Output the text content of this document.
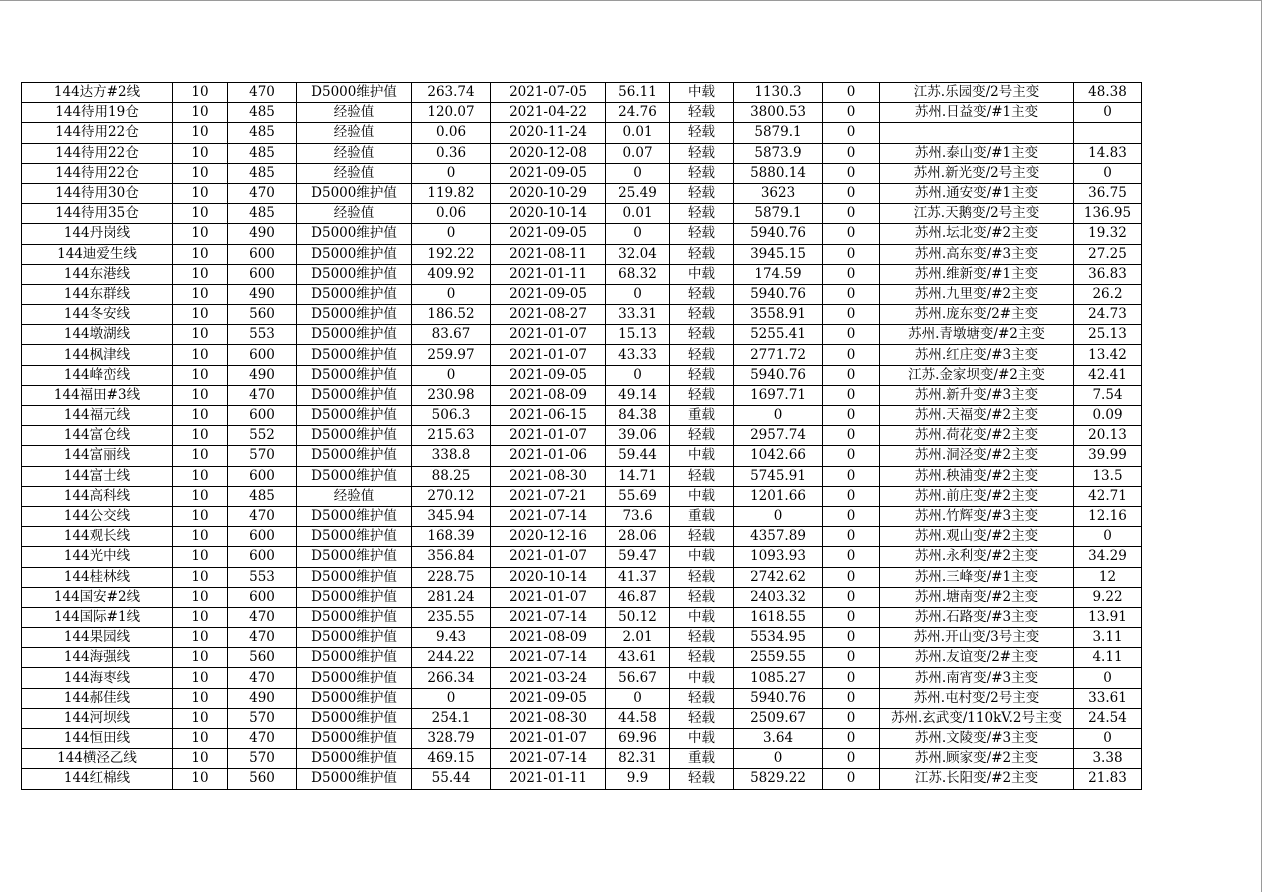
144达方#2线	10	470	D5000维护值	263.74	2021-07-05	56.11	中载	1130.3	0	江苏.乐园变/2号主变	48.38
144待用19仓	10	485	经验值	120.07	2021-04-22	24.76	轻载	3800.53	0	苏州.日益变/#1主变	0
144待用22仓	10	485	经验值	0.06	2020-11-24	0.01	轻载	5879.1	0		
144待用22仓	10	485	经验值	0.36	2020-12-08	0.07	轻载	5873.9	0	苏州.泰山变/#1主变	14.83
144待用22仓	10	485	经验值	0	2021-09-05	0	轻载	5880.14	0	苏州.新光变/2号主变	0
144待用30仓	10	470	D5000维护值	119.82	2020-10-29	25.49	轻载	3623	0	苏州.通安变/#1主变	36.75
144待用35仓	10	485	经验值	0.06	2020-10-14	0.01	轻载	5879.1	0	江苏.天鹅变/2号主变	136.95
144丹岗线	10	490	D5000维护值	0	2021-09-05	0	轻载	5940.76	0	苏州.坛北变/#2主变	19.32
144迪爱生线	10	600	D5000维护值	192.22	2021-08-11	32.04	轻载	3945.15	0	苏州.高东变/#3主变	27.25
144东港线	10	600	D5000维护值	409.92	2021-01-11	68.32	中载	174.59	0	苏州.维新变/#1主变	36.83
144东群线	10	490	D5000维护值	0	2021-09-05	0	轻载	5940.76	0	苏州.九里变/#2主变	26.2
144冬安线	10	560	D5000维护值	186.52	2021-08-27	33.31	轻载	3558.91	0	苏州.庞东变/2#主变	24.73
144墩湖线	10	553	D5000维护值	83.67	2021-01-07	15.13	轻载	5255.41	0	苏州.青墩塘变/#2主变	25.13
144枫津线	10	600	D5000维护值	259.97	2021-01-07	43.33	轻载	2771.72	0	苏州.红庄变/#3主变	13.42
144峰峦线	10	490	D5000维护值	0	2021-09-05	0	轻载	5940.76	0	江苏.金家坝变/#2主变	42.41
144福田#3线	10	470	D5000维护值	230.98	2021-08-09	49.14	轻载	1697.71	0	苏州.新升变/#3主变	7.54
144福元线	10	600	D5000维护值	506.3	2021-06-15	84.38	重载	0	0	苏州.天福变/#2主变	0.09
144富仓线	10	552	D5000维护值	215.63	2021-01-07	39.06	轻载	2957.74	0	苏州.荷花变/#2主变	20.13
144富丽线	10	570	D5000维护值	338.8	2021-01-06	59.44	中载	1042.66	0	苏州.洞泾变/#2主变	39.99
144富士线	10	600	D5000维护值	88.25	2021-08-30	14.71	轻载	5745.91	0	苏州.秧浦变/#2主变	13.5
144高科线	10	485	经验值	270.12	2021-07-21	55.69	中载	1201.66	0	苏州.前庄变/#2主变	42.71
144公交线	10	470	D5000维护值	345.94	2021-07-14	73.6	重载	0	0	苏州.竹辉变/#3主变	12.16
144观长线	10	600	D5000维护值	168.39	2020-12-16	28.06	轻载	4357.89	0	苏州.观山变/#2主变	0
144光中线	10	600	D5000维护值	356.84	2021-01-07	59.47	中载	1093.93	0	苏州.永利变/#2主变	34.29
144桂林线	10	553	D5000维护值	228.75	2020-10-14	41.37	轻载	2742.62	0	苏州.三峰变/#1主变	12
144国安#2线	10	600	D5000维护值	281.24	2021-01-07	46.87	轻载	2403.32	0	苏州.塘南变/#2主变	9.22
144国际#1线	10	470	D5000维护值	235.55	2021-07-14	50.12	中载	1618.55	0	苏州.石路变/#3主变	13.91
144果园线	10	470	D5000维护值	9.43	2021-08-09	2.01	轻载	5534.95	0	苏州.开山变/3号主变	3.11
144海强线	10	560	D5000维护值	244.22	2021-07-14	43.61	轻载	2559.55	0	苏州.友谊变/2#主变	4.11
144海枣线	10	470	D5000维护值	266.34	2021-03-24	56.67	中载	1085.27	0	苏州.南宵变/#3主变	0
144郝佳线	10	490	D5000维护值	0	2021-09-05	0	轻载	5940.76	0	苏州.屯村变/2号主变	33.61
144河坝线	10	570	D5000维护值	254.1	2021-08-30	44.58	轻载	2509.67	0	苏州.玄武变/110kV.2号主变	24.54
144恒田线	10	470	D5000维护值	328.79	2021-01-07	69.96	中载	3.64	0	苏州.文陵变/#3主变	0
144横泾乙线	10	570	D5000维护值	469.15	2021-07-14	82.31	重载	0	0	苏州.顾家变/#2主变	3.38
144红棉线	10	560	D5000维护值	55.44	2021-01-11	9.9	轻载	5829.22	0	江苏.长阳变/#2主变	21.83
